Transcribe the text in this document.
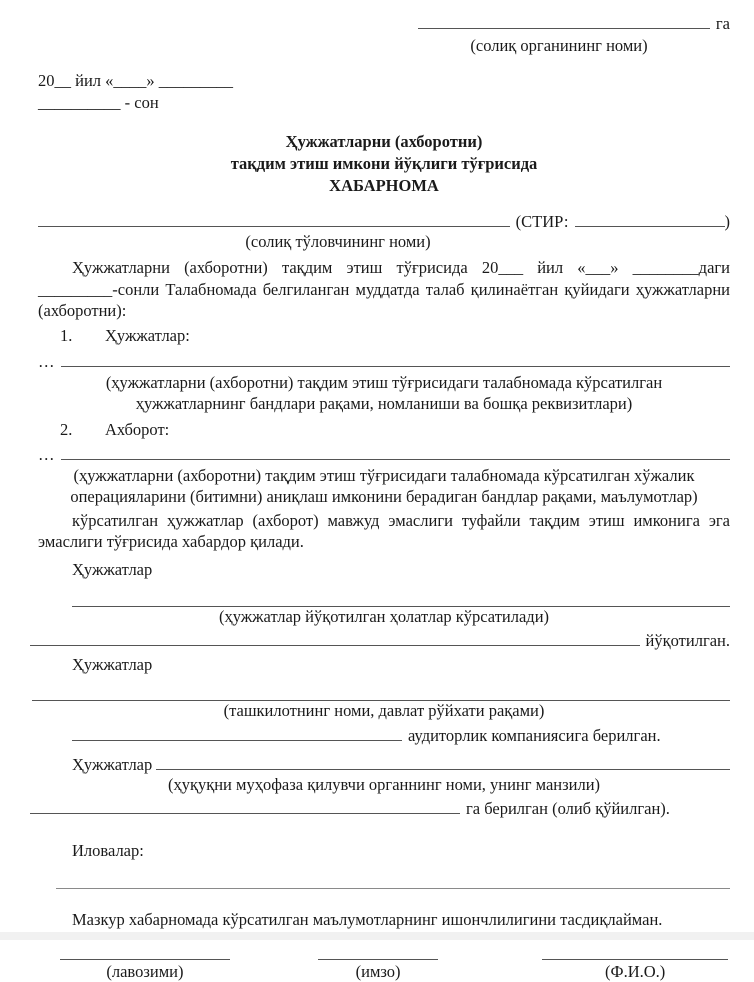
га
(солиқ органининг номи)
20__ йил «____» _________
__________ - сон
Ҳужжатларни (ахборотни)
тақдим этиш имкони йўқлиги тўғрисида
ХАБАРНОМА
(СТИР:	)
(солиқ тўловчининг номи)
Ҳужжатларни (ахборотни) тақдим этиш тўғрисида 20___ йил «___» ________даги _________-сонли Талабномада белгиланган муддатда талаб қилинаётган қуйидаги ҳужжатларни (ахборотни):
1. Ҳужжатлар:
…
(ҳужжатларни (ахборотни) тақдим этиш тўғрисидаги талабномада кўрсатилган ҳужжатларнинг бандлари рақами, номланиши ва бошқа реквизитлари)
2. Ахборот:
…
(ҳужжатларни (ахборотни) тақдим этиш тўғрисидаги талабномада кўрсатилган хўжалик операцияларини (битимни) аниқлаш имконини берадиган бандлар рақами, маълумотлар)
кўрсатилган ҳужжатлар (ахборот) мавжуд эмаслиги туфайли тақдим этиш имконига эга эмаслиги тўғрисида хабардор қилади.
Ҳужжатлар
(ҳужжатлар йўқотилган ҳолатлар кўрсатилади)
йўқотилган.
Ҳужжатлар
(ташкилотнинг номи, давлат рўйхати рақами)
аудиторлик компаниясига берилган.
Ҳужжатлар
(ҳуқуқни муҳофаза қилувчи органнинг номи, унинг манзили)
га берилган (олиб қўйилган).
Иловалар:
Мазкур хабарномада кўрсатилган маълумотларнинг ишончлилигини тасдиқлайман.
(лавозими)	(имзо)	(Ф.И.О.)
